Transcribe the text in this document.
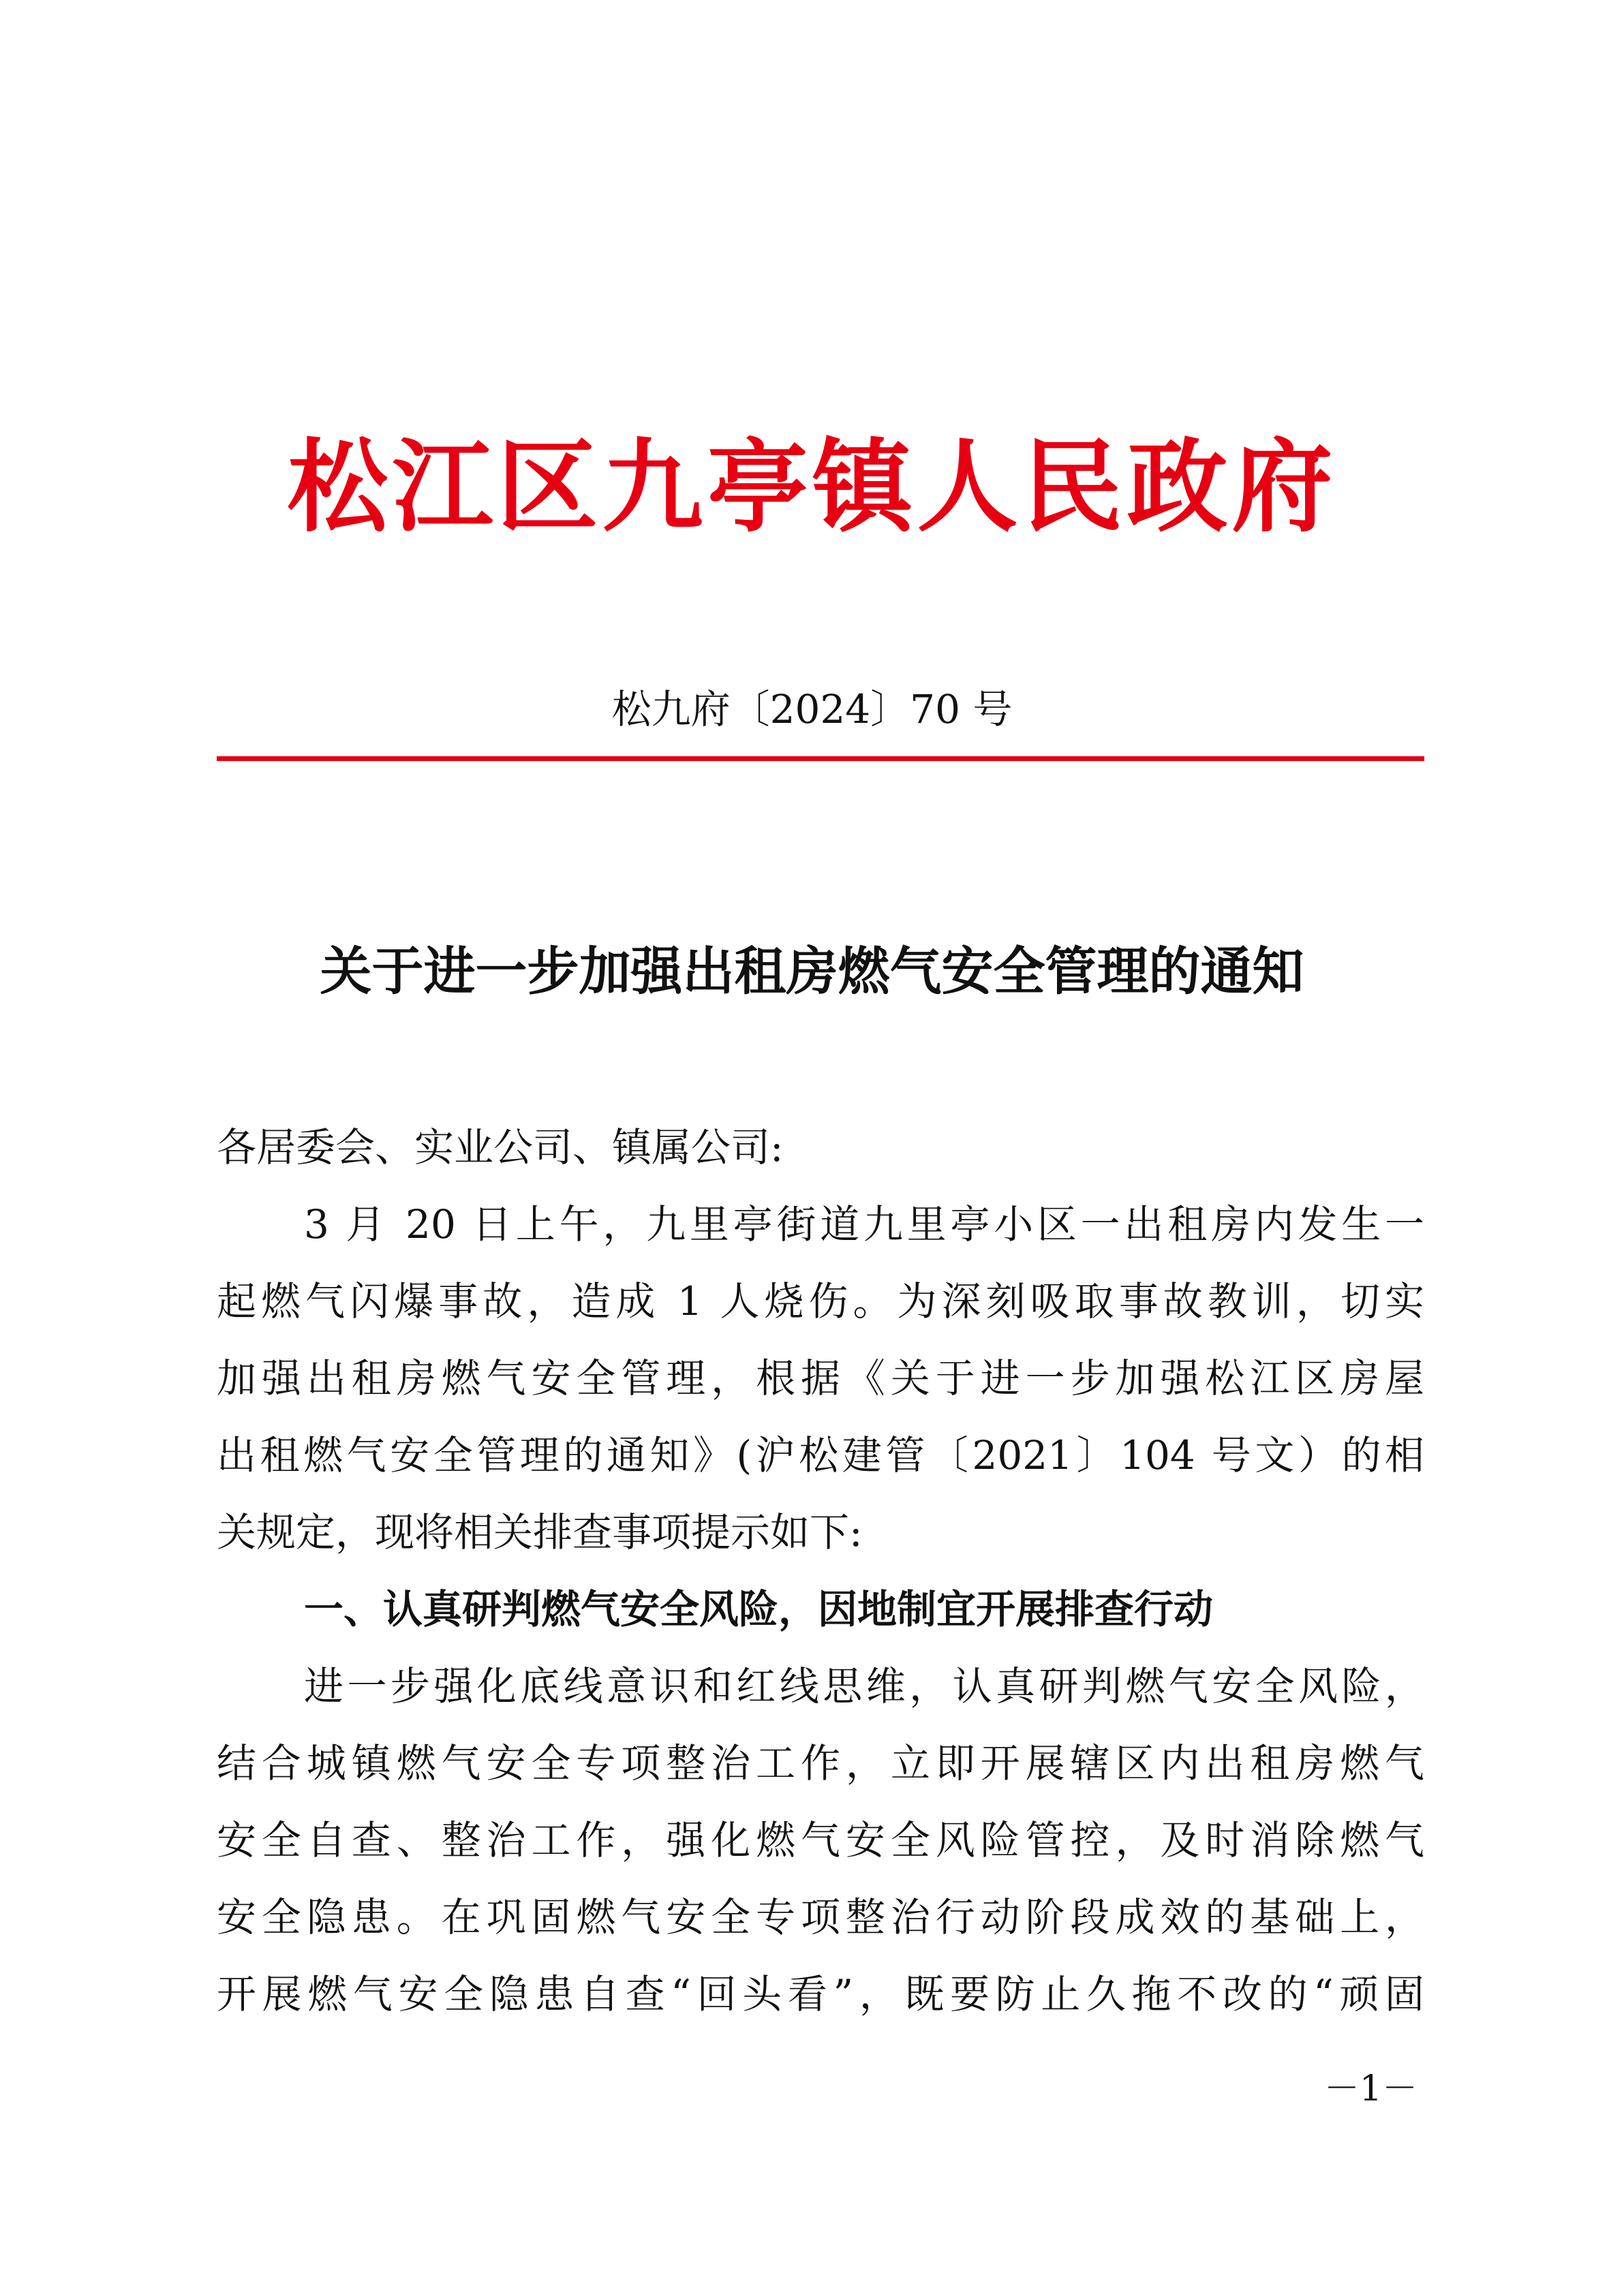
松江区九亭镇人民政府
松九府〔2024〕70 号
关于进一步加强出租房燃气安全管理的通知
各居委会、实业公司、镇属公司:
3 月 20 日上午，九里亭街道九里亭小区一出租房内发生一
起燃气闪爆事故，造成 1 人烧伤。为深刻吸取事故教训，切实
加强出租房燃气安全管理，根据《关于进一步加强松江区房屋
出租燃气安全管理的通知》(沪松建管〔2021〕104 号文）的相
关规定，现将相关排查事项提示如下:
一、认真研判燃气安全风险，因地制宜开展排查行动
进一步强化底线意识和红线思维，认真研判燃气安全风险，
结合城镇燃气安全专项整治工作，立即开展辖区内出租房燃气
安全自查、整治工作，强化燃气安全风险管控，及时消除燃气
安全隐患。在巩固燃气安全专项整治行动阶段成效的基础上，
开展燃气安全隐患自查“回头看”，既要防止久拖不改的“顽固
－1－
